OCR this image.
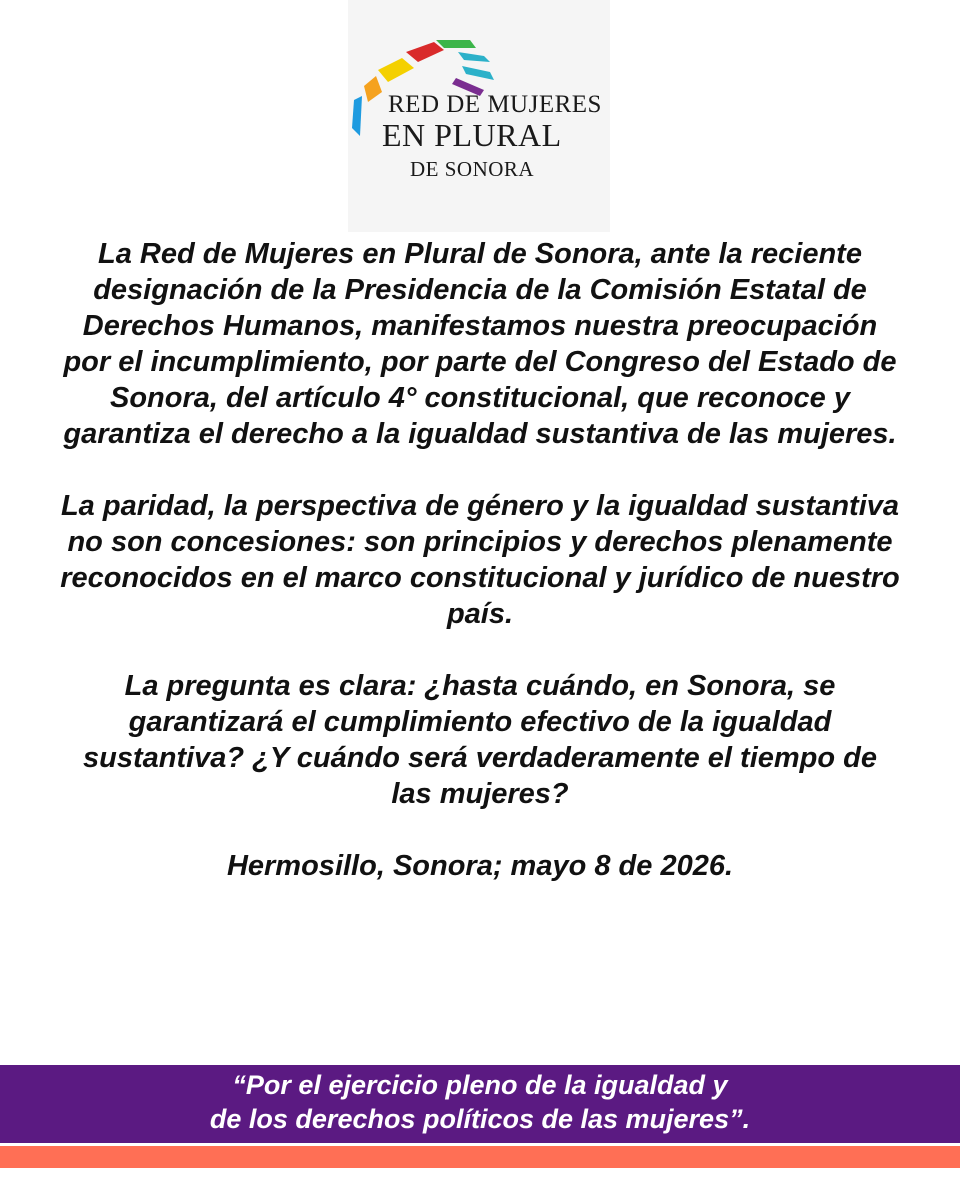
RED DE MUJERES
EN PLURAL
DE SONORA

La Red de Mujeres en Plural de Sonora, ante la reciente designación de la Presidencia de la Comisión Estatal de Derechos Humanos, manifestamos nuestra preocupación por el incumplimiento, por parte del Congreso del Estado de Sonora, del artículo 4° constitucional, que reconoce y garantiza el derecho a la igualdad sustantiva de las mujeres.

La paridad, la perspectiva de género y la igualdad sustantiva no son concesiones: son principios y derechos plenamente reconocidos en el marco constitucional y jurídico de nuestro país.

La pregunta es clara: ¿hasta cuándo, en Sonora, se garantizará el cumplimiento efectivo de la igualdad sustantiva? ¿Y cuándo será verdaderamente el tiempo de las mujeres?

Hermosillo, Sonora; mayo 8 de 2026.

“Por el ejercicio pleno de la igualdad y
de los derechos políticos de las mujeres”.
